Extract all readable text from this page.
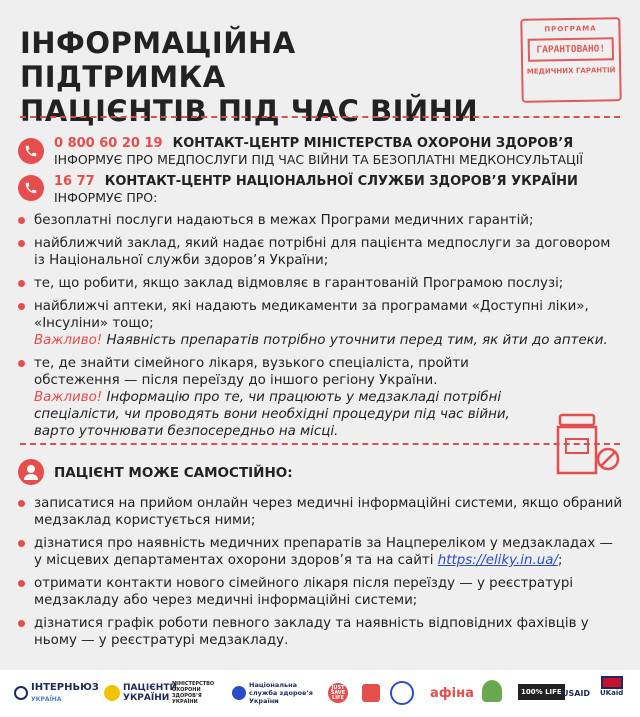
ІНФОРМАЦІЙНА ПІДТРИМКА
ПАЦІЄНТІВ ПІД ЧАС ВІЙНИ
ПРОГРАМА
ГАРАНТОВАНО!
МЕДИЧНИХ ГАРАНТІЙ
0 800 60 20 19 КОНТАКТ-ЦЕНТР МІНІСТЕРСТВА ОХОРОНИ ЗДОРОВ’Я
ІНФОРМУЄ ПРО МЕДПОСЛУГИ ПІД ЧАС ВІЙНИ ТА БЕЗОПЛАТНІ МЕДКОНСУЛЬТАЦІЇ
16 77 КОНТАКТ-ЦЕНТР НАЦІОНАЛЬНОЇ СЛУЖБИ ЗДОРОВ’Я УКРАЇНИ
ІНФОРМУЄ ПРО:
безоплатні послуги надаються в межах Програми медичних гарантій;
найближчий заклад, який надає потрібні для пацієнта медпослуги за договором із Національної служби здоров’я України;
те, що робити, якщо заклад відмовляє в гарантованій Програмою послузі;
найближчі аптеки, які надають медикаменти за програмами «Доступні ліки», «Інсуліни» тощо;
Важливо! Наявність препаратів потрібно уточнити перед тим, як йти до аптеки.
те, де знайти сімейного лікаря, вузького спеціаліста, пройти обстеження — після переїзду до іншого регіону України.
Важливо! Інформацію про те, чи працюють у медзакладі потрібні спеціалісти, чи проводять вони необхідні процедури під час війни, варто уточнювати безпосередньо на місці.
ПАЦІЄНТ МОЖЕ САМОСТІЙНО:
записатися на прийом онлайн через медичні інформаційні системи, якщо обраний медзаклад користується ними;
дізнатися про наявність медичних препаратів за Нацпереліком у медзакладах — у місцевих департаментах охорони здоров’я та на сайті https://eliky.in.ua/;
отримати контакти нового сімейного лікаря після переїзду — у реєстратурі медзакладу або через медичні інформаційні системи;
дізнатися графік роботи певного закладу та наявність відповідних фахівців у ньому — у реєстратурі медзакладу.
ІНТЕРНЬЮЗ
УКРАЇНА
ПАЦІЄНТИ
УКРАЇНИ
МІНІСТЕРСТВО ОХОРОНИ ЗДОРОВ’Я УКРАЇНИ
Національна служба здоров’я України
JUST SAVE LIFE	афіна	100% LIFE USAID UKaid
